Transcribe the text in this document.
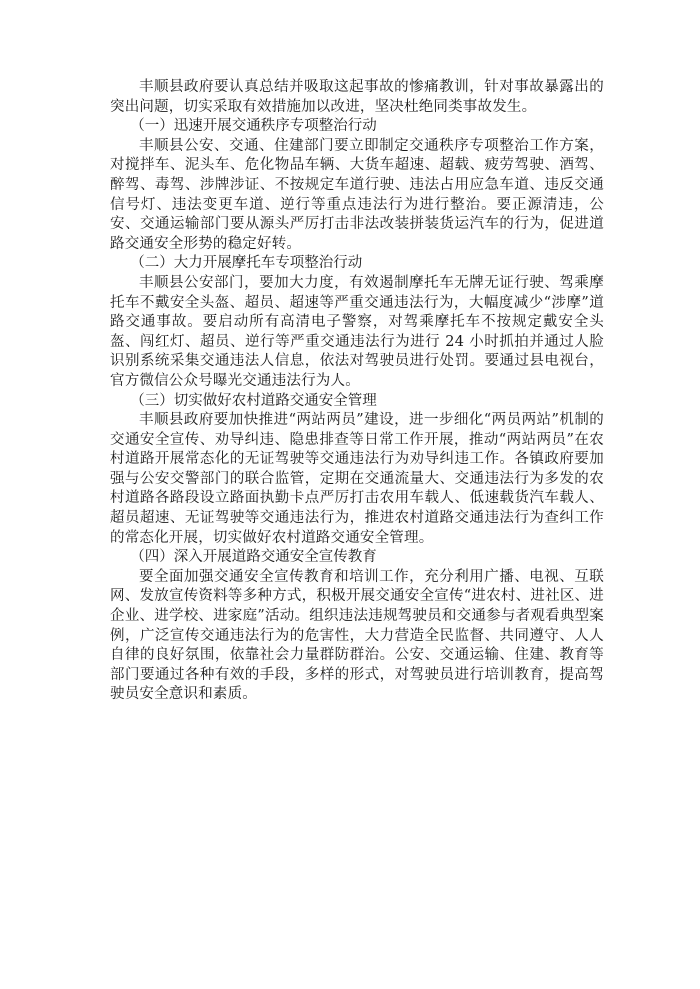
丰顺县政府要认真总结并吸取这起事故的惨痛教训，针对事故暴露出的突出问题，切实采取有效措施加以改进，坚决杜绝同类事故发生。

（一）迅速开展交通秩序专项整治行动

丰顺县公安、交通、住建部门要立即制定交通秩序专项整治工作方案，对搅拌车、泥头车、危化物品车辆、大货车超速、超载、疲劳驾驶、酒驾、醉驾、毒驾、涉牌涉证、不按规定车道行驶、违法占用应急车道、违反交通信号灯、违法变更车道、逆行等重点违法行为进行整治。要正源清违，公安、交通运输部门要从源头严厉打击非法改装拼装货运汽车的行为，促进道路交通安全形势的稳定好转。

（二）大力开展摩托车专项整治行动

丰顺县公安部门，要加大力度，有效遏制摩托车无牌无证行驶、驾乘摩托车不戴安全头盔、超员、超速等严重交通违法行为，大幅度减少“涉摩”道路交通事故。要启动所有高清电子警察，对驾乘摩托车不按规定戴安全头盔、闯红灯、超员、逆行等严重交通违法行为进行 24 小时抓拍并通过人脸识别系统采集交通违法人信息，依法对驾驶员进行处罚。要通过县电视台，官方微信公众号曝光交通违法行为人。

（三）切实做好农村道路交通安全管理

丰顺县政府要加快推进“两站两员”建设，进一步细化“两员两站”机制的交通安全宣传、劝导纠违、隐患排查等日常工作开展，推动“两站两员”在农村道路开展常态化的无证驾驶等交通违法行为劝导纠违工作。各镇政府要加强与公安交警部门的联合监管，定期在交通流量大、交通违法行为多发的农村道路各路段设立路面执勤卡点严厉打击农用车载人、低速载货汽车载人、超员超速、无证驾驶等交通违法行为，推进农村道路交通违法行为查纠工作的常态化开展，切实做好农村道路交通安全管理。

（四）深入开展道路交通安全宣传教育

要全面加强交通安全宣传教育和培训工作，充分利用广播、电视、互联网、发放宣传资料等多种方式，积极开展交通安全宣传“进农村、进社区、进企业、进学校、进家庭”活动。组织违法违规驾驶员和交通参与者观看典型案例，广泛宣传交通违法行为的危害性，大力营造全民监督、共同遵守、人人自律的良好氛围，依靠社会力量群防群治。公安、交通运输、住建、教育等部门要通过各种有效的手段，多样的形式，对驾驶员进行培训教育，提高驾驶员安全意识和素质。
